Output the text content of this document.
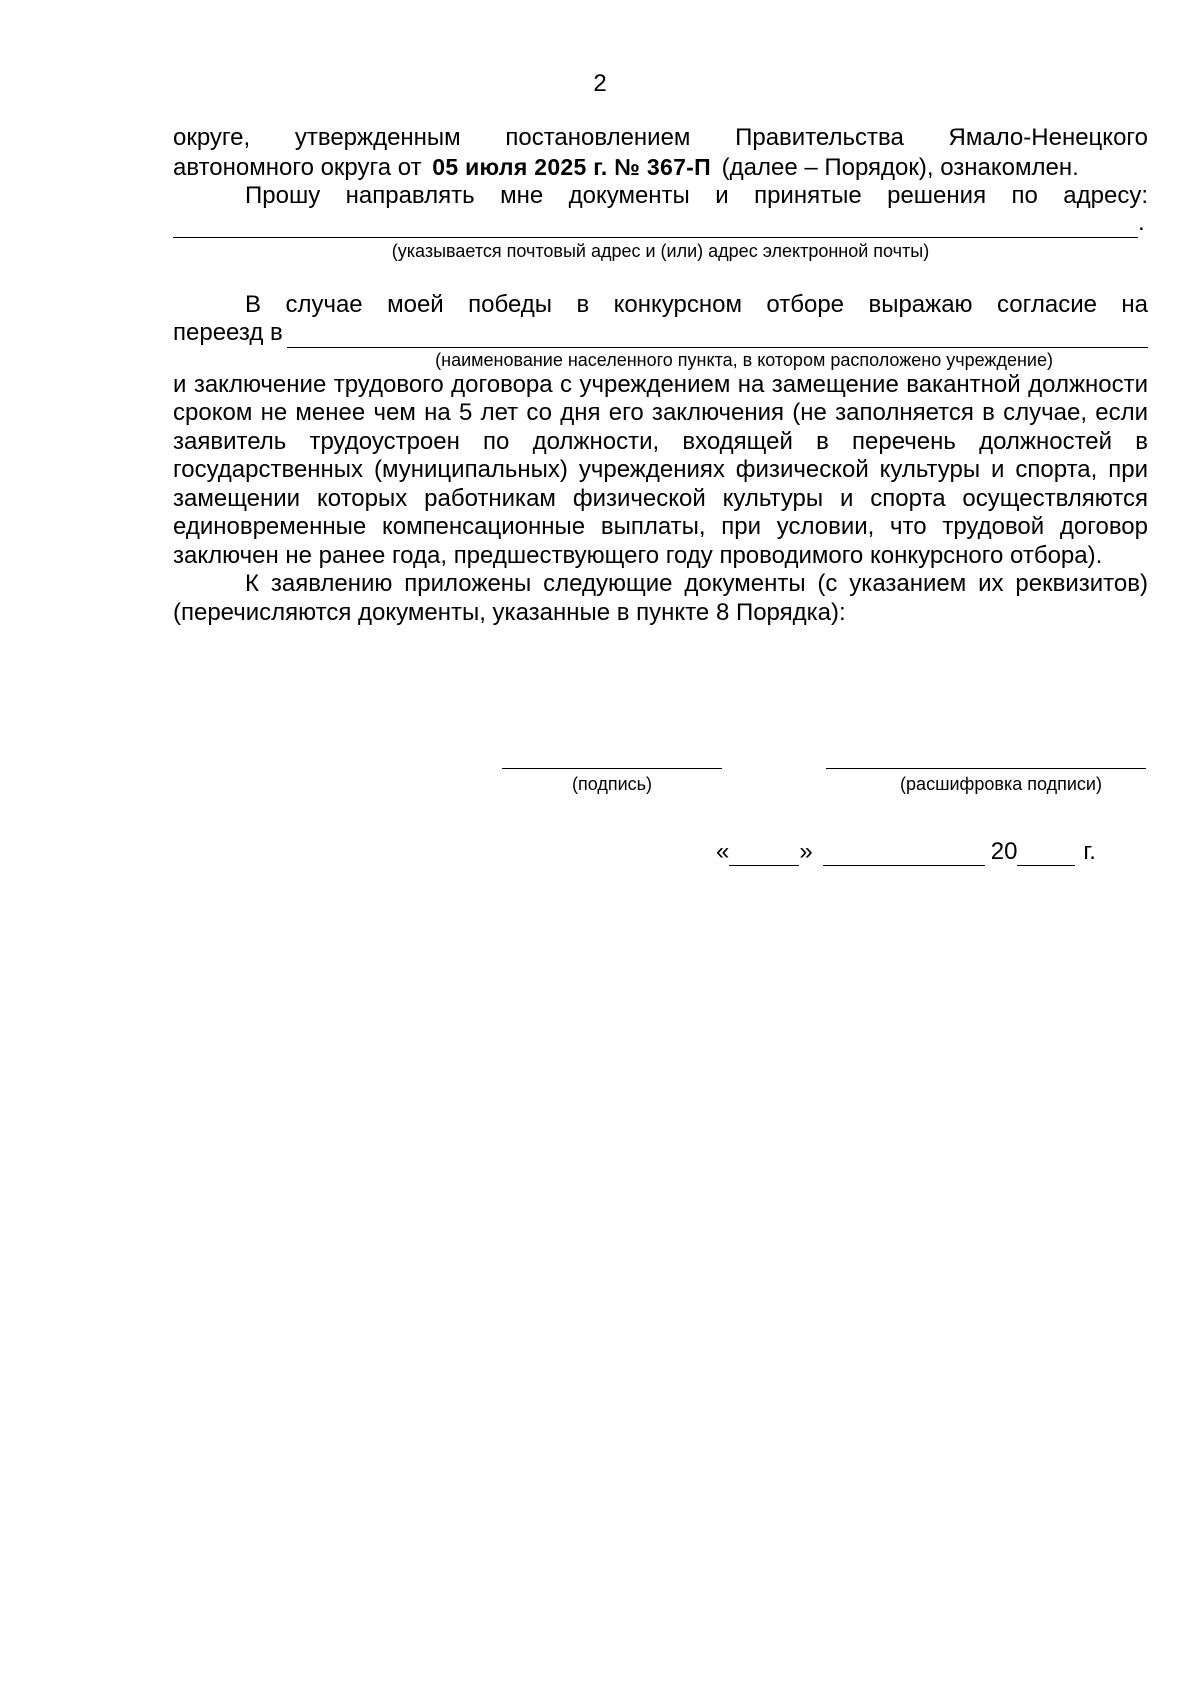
2

округе, утвержденным постановлением Правительства Ямало-Ненецкого

автономного округа от 05 июля 2025 г. № 367-П (далее – Порядок), ознакомлен.

Прошу направлять мне документы и принятые решения по адресу:

.
(указывается почтовый адрес и (или) адрес электронной почты)

В случае моей победы в конкурсном отборе выражаю согласие на

переезд в
(наименование населенного пункта, в котором расположено учреждение)

и заключение трудового договора с учреждением на замещение вакантной должности сроком не менее чем на 5 лет со дня его заключения (не заполняется в случае, если заявитель трудоустроен по должности, входящей в перечень должностей в государственных (муниципальных) учреждениях физической культуры и спорта, при замещении которых работникам физической культуры и спорта осуществляются единовременные компенсационные выплаты, при условии, что трудовой договор заключен не ранее года, предшествующего году проводимого конкурсного отбора).

К заявлению приложены следующие документы (с указанием их реквизитов) (перечисляются документы, указанные в пункте 8 Порядка):

(подпись)	(расшифровка подписи)
«	»	20	г.
